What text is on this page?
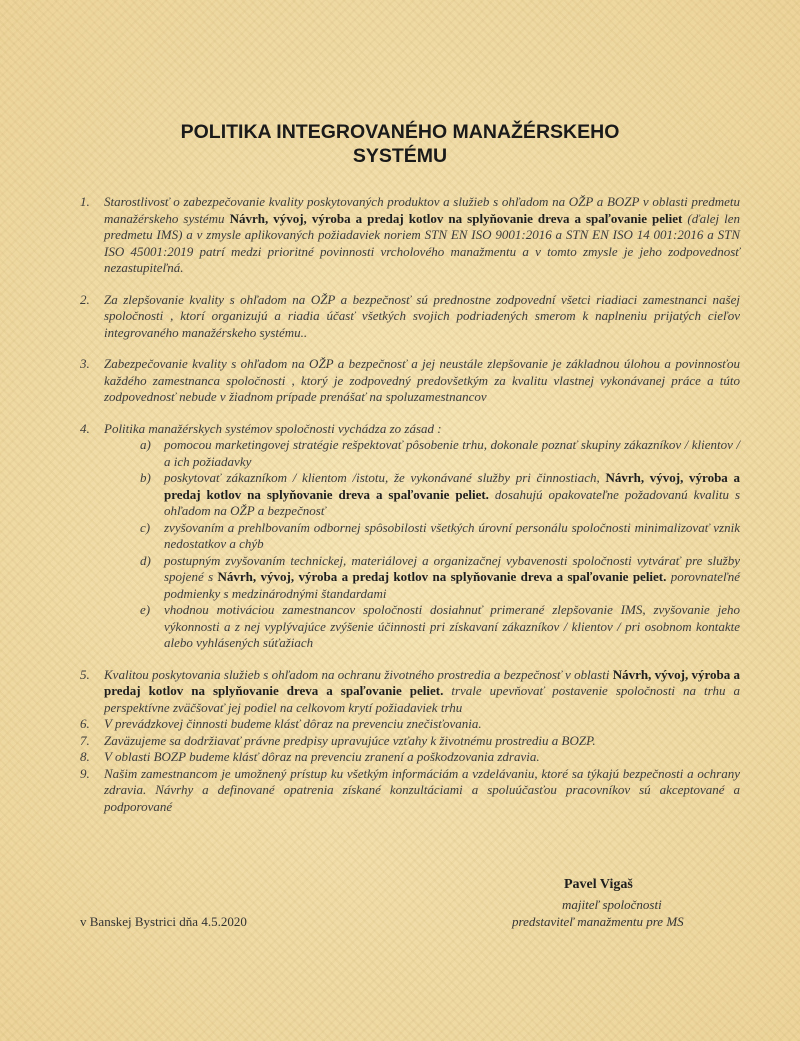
POLITIKA INTEGROVANÉHO MANAŽÉRSKEHO
SYSTÉMU
1.	Starostlivosť o zabezpečovanie kvality poskytovaných produktov a služieb s ohľadom na OŽP a BOZP v oblasti predmetu manažérskeho systému Návrh, vývoj, výroba a predaj kotlov na splyňovanie dreva a spaľovanie peliet (ďalej len predmetu IMS) a v zmysle aplikovaných požiadaviek noriem STN EN ISO 9001:2016 a STN EN ISO 14 001:2016 a STN ISO 45001:2019 patrí medzi prioritné povinnosti vrcholového manažmentu a v tomto zmysle je jeho zodpovednosť nezastupiteľná.
2.	Za zlepšovanie kvality s ohľadom na OŽP a bezpečnosť sú prednostne zodpovední všetci riadiaci zamestnanci našej spoločnosti , ktorí organizujú a riadia účasť všetkých svojich podriadených smerom k naplneniu prijatých cieľov integrovaného manažérskeho systému..
3.	Zabezpečovanie kvality s ohľadom na OŽP a bezpečnosť a jej neustále zlepšovanie je základnou úlohou a povinnosťou každého zamestnanca spoločnosti , ktorý je zodpovedný predovšetkým za kvalitu vlastnej vykonávanej práce a túto zodpovednosť nebude v žiadnom prípade prenášať na spoluzamestnancov
4.	Politika manažérskych systémov spoločnosti vychádza zo zásad :
a)	pomocou marketingovej stratégie rešpektovať pôsobenie trhu, dokonale poznať skupiny zákazníkov / klientov / a ich požiadavky
b)	poskytovať zákazníkom / klientom /istotu, že vykonávané služby pri činnostiach, Návrh, vývoj, výroba a predaj kotlov na splyňovanie dreva a spaľovanie peliet. dosahujú opakovateľne požadovanú kvalitu s ohľadom na OŽP a bezpečnosť
c)	zvyšovaním a prehlbovaním odbornej spôsobilosti všetkých úrovní personálu spoločnosti minimalizovať vznik nedostatkov a chýb
d)	postupným zvyšovaním technickej, materiálovej a organizačnej vybavenosti spoločnosti vytvárať pre služby spojené s Návrh, vývoj, výroba a predaj kotlov na splyňovanie dreva a spaľovanie peliet. porovnateľné podmienky s medzinárodnými štandardami
e)	vhodnou motiváciou zamestnancov spoločnosti dosiahnuť primerané zlepšovanie IMS, zvyšovanie jeho výkonnosti a z nej vyplývajúce zvýšenie účinnosti pri získavaní zákazníkov / klientov / pri osobnom kontakte alebo vyhlásených súťažiach
5.	Kvalitou poskytovania služieb s ohľadom na ochranu životného prostredia a bezpečnosť v oblasti Návrh, vývoj, výroba a predaj kotlov na splyňovanie dreva a spaľovanie peliet. trvale upevňovať postavenie spoločnosti na trhu a perspektívne zväčšovať jej podiel na celkovom krytí požiadaviek trhu
6.	V prevádzkovej činnosti budeme klásť dôraz na prevenciu znečisťovania.
7.	Zaväzujeme sa dodržiavať právne predpisy upravujúce vzťahy k životnému prostrediu a BOZP.
8.	V oblasti BOZP budeme klásť dôraz na prevenciu zranení a poškodzovania zdravia.
9.	Našim zamestnancom je umožnený prístup ku všetkým informáciám a vzdelávaniu, ktoré sa týkajú bezpečnosti a ochrany zdravia. Návrhy a definované opatrenia získané konzultáciami a spoluúčasťou pracovníkov sú akceptované a podporované
Pavel Vigaš
majiteľ spoločnosti
predstaviteľ manažmentu pre MS
v Banskej Bystrici dňa 4.5.2020
